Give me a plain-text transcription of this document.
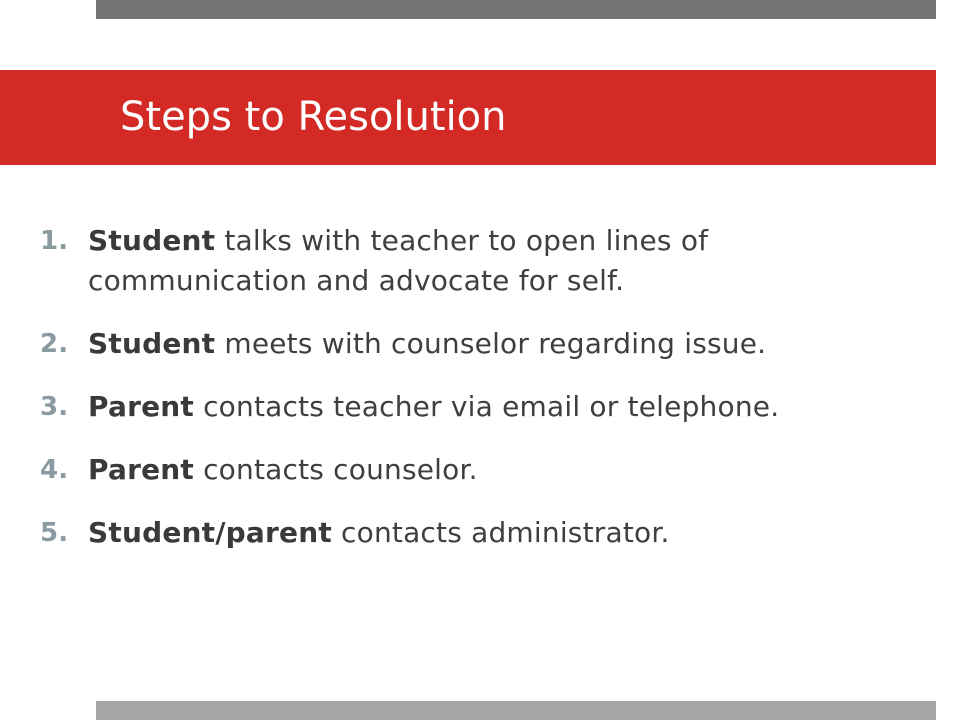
Steps to Resolution
1. Student talks with teacher to open lines of communication and advocate for self.
2. Student meets with counselor regarding issue.
3. Parent contacts teacher via email or telephone.
4. Parent contacts counselor.
5. Student/parent contacts administrator.
